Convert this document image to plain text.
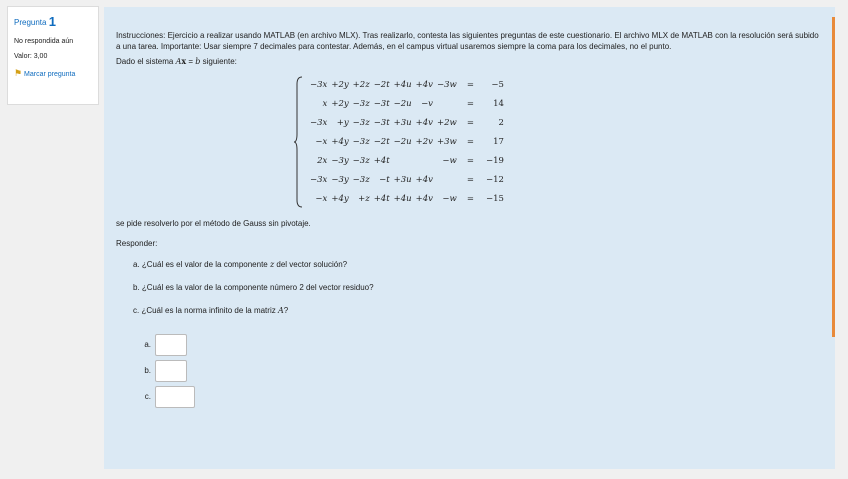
Pregunta 1
No respondida aún
Valor: 3,00
⚑ Marcar pregunta

Instrucciones: Ejercicio a realizar usando MATLAB (en archivo MLX). Tras realizarlo, contesta las siguientes preguntas de este cuestionario. El archivo MLX de MATLAB con la resolución será subido a una tarea. Importante: Usar siempre 7 decimales para contestar. Además, en el campus virtual usaremos siempre la coma para los decimales, no el punto.

Dado el sistema Ax = b siguiente:

−3x	+2y	+2z	−2t	+4u	+4v	−3w	=	−5
x	+2y	−3z	−3t	−2u	−v		=	14
−3x	+y	−3z	−3t	+3u	+4v	+2w	=	2
−x	+4y	−3z	−2t	−2u	+2v	+3w	=	17
2x	−3y	−3z	+4t			−w	=	−19
−3x	−3y	−3z	−t	+3u	+4v		=	−12
−x	+4y	+z	+4t	+4u	+4v	−w	=	−15

se pide resolverlo por el método de Gauss sin pivotaje.

Responder:

a. ¿Cuál es el valor de la componente z del vector solución?

b. ¿Cuál es la valor de la componente número 2 del vector residuo?

c. ¿Cuál es la norma infinito de la matriz A?

a.
b.
c.
